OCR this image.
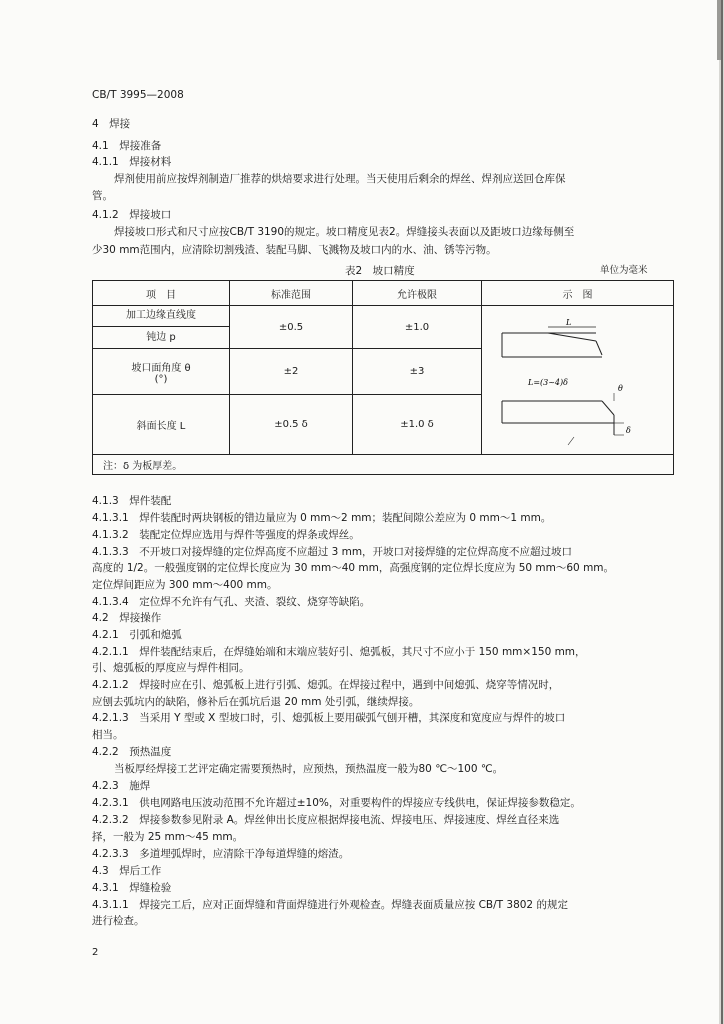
CB/T 3995—2008
4　焊接
4.1　焊接准备
4.1.1　焊接材料
焊剂使用前应按焊剂制造厂推荐的烘焙要求进行处理。当天使用后剩余的焊丝、焊剂应送回仓库保
管。
4.1.2　焊接坡口
焊接坡口形式和尺寸应按CB/T 3190的规定。坡口精度见表2。焊缝接头表面以及距坡口边缘每侧至
少30 mm范围内，应清除切割残渣、装配马脚、飞溅物及坡口内的水、油、锈等污物。
4.1.3　焊件装配
4.1.3.1　焊件装配时两块钢板的错边量应为 0 mm～2 mm；装配间隙公差应为 0 mm～1 mm。
4.1.3.2　装配定位焊应选用与焊件等强度的焊条或焊丝。
4.1.3.3　不开坡口对接焊缝的定位焊高度不应超过 3 mm，开坡口对接焊缝的定位焊高度不应超过坡口
高度的 1/2。一般强度钢的定位焊长度应为 30 mm～40 mm，高强度钢的定位焊长度应为 50 mm～60 mm。
定位焊间距应为 300 mm～400 mm。
4.1.3.4　定位焊不允许有气孔、夹渣、裂纹、烧穿等缺陷。
4.2　焊接操作
4.2.1　引弧和熄弧
4.2.1.1　焊件装配结束后，在焊缝始端和末端应装好引、熄弧板，其尺寸不应小于 150 mm×150 mm，
引、熄弧板的厚度应与焊件相同。
4.2.1.2　焊接时应在引、熄弧板上进行引弧、熄弧。在焊接过程中，遇到中间熄弧、烧穿等情况时，
应刨去弧坑内的缺陷，修补后在弧坑后退 20 mm 处引弧，继续焊接。
4.2.1.3　当采用 Y 型或 X 型坡口时，引、熄弧板上要用碳弧气刨开槽，其深度和宽度应与焊件的坡口
相当。
4.2.2　预热温度
当板厚经焊接工艺评定确定需要预热时，应预热，预热温度一般为80 ℃～100 ℃。
4.2.3　施焊
4.2.3.1　供电网路电压波动范围不允许超过±10%，对重要构件的焊接应专线供电，保证焊接参数稳定。
4.2.3.2　焊接参数参见附录 A。焊丝伸出长度应根据焊接电流、焊接电压、焊接速度、焊丝直径来选
择，一般为 25 mm～45 mm。
4.2.3.3　多道埋弧焊时，应清除干净每道焊缝的熔渣。
4.3　焊后工作
4.3.1　焊缝检验
4.3.1.1　焊接完工后，应对正面焊缝和背面焊缝进行外观检查。焊缝表面质量应按 CB/T 3802 的规定
进行检查。
表2　坡口精度	单位为毫米
项　目	标准范围	允许极限	示　图

加工边缘直线度
钝边 p	±0.5	±1.0	

坡口面角度 θ
(°)	±2	±3	

斜面长度 L	±0.5 δ	±1.0 δ	
注：δ 为板厚差。			
L
L=(3~4)δ
θ
δ
2
